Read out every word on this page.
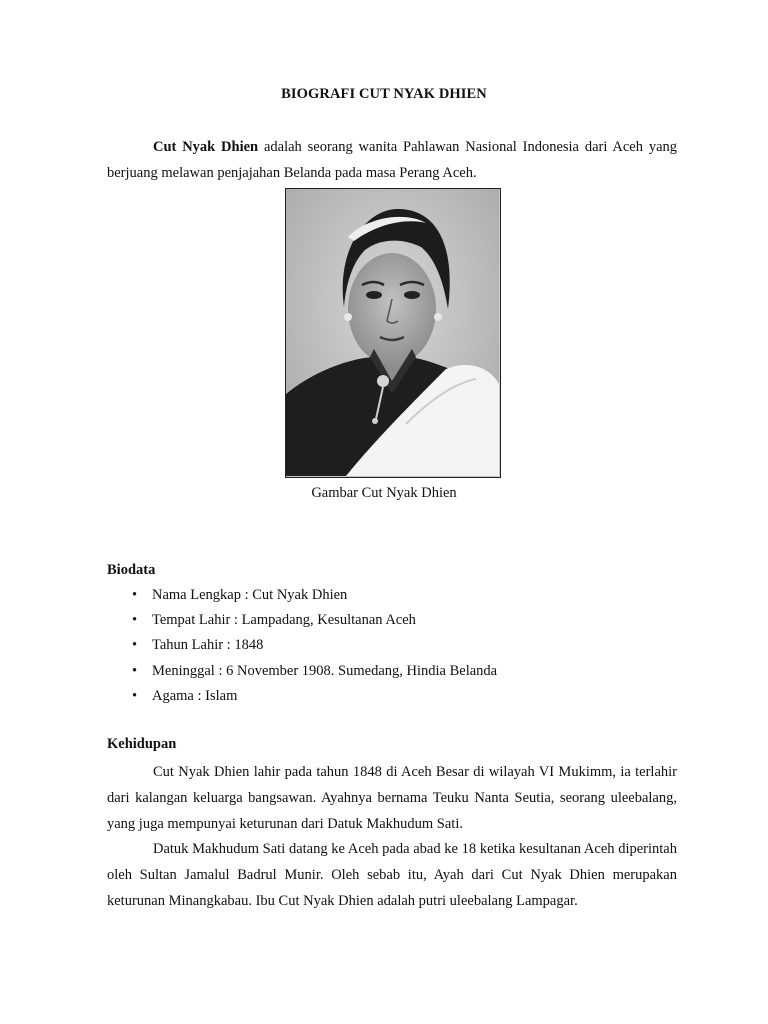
BIOGRAFI CUT NYAK DHIEN

Cut Nyak Dhien adalah seorang wanita Pahlawan Nasional Indonesia dari Aceh yang berjuang melawan penjajahan Belanda pada masa Perang Aceh.

Gambar Cut Nyak Dhien
Biodata
• Nama Lengkap : Cut Nyak Dhien
• Tempat Lahir : Lampadang, Kesultanan Aceh
• Tahun Lahir : 1848
• Meninggal : 6 November 1908. Sumedang, Hindia Belanda
• Agama : Islam
Kehidupan

Cut Nyak Dhien lahir pada tahun 1848 di Aceh Besar di wilayah VI Mukimm, ia terlahir dari kalangan keluarga bangsawan. Ayahnya bernama Teuku Nanta Seutia, seorang uleebalang, yang juga mempunyai keturunan dari Datuk Makhudum Sati.

Datuk Makhudum Sati datang ke Aceh pada abad ke 18 ketika kesultanan Aceh diperintah oleh Sultan Jamalul Badrul Munir. Oleh sebab itu, Ayah dari Cut Nyak Dhien merupakan keturunan Minangkabau. Ibu Cut Nyak Dhien adalah putri uleebalang Lampagar.
